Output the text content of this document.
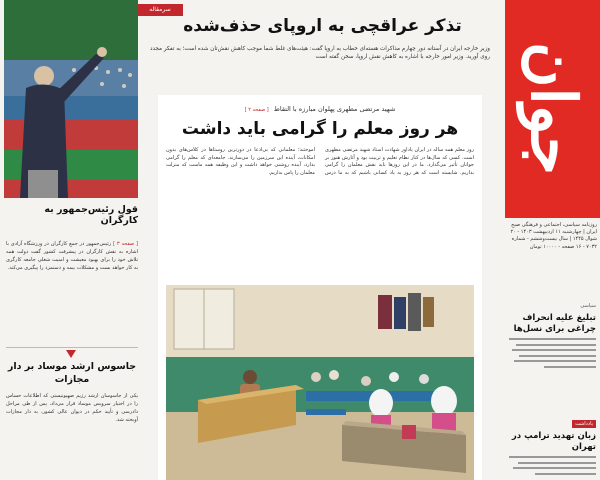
جوان
روزنامه سیاسی، اجتماعی و فرهنگی صبح ایران | چهارشنبه ۱۱ اردیبهشت ۱۴۰۳ - ۲۰ شوال ۱۴۴۵ | سال بیست‌وششم - شماره ۷۰۳۲ - ۱۶ صفحه - ۱۰۰۰۰ تومان
سیاسی
تبلیغ علیه انحراف چراغی برای نسل‌ها
یادداشت
زبان تهدید ترامپ در تهران
سرمقاله
تذکر عراقچی به اروپای حذف‌شده
وزیر خارجه ایران در آستانه دور چهارم مذاکرات هسته‌ای خطاب به اروپا گفت: هیئت‌های غلط شما موجب کاهش نقش‌تان شده است؛ به تفکر مجدد روی آورید. وزیر امور خارجه با اشاره به کاهش نقش اروپا، سخن گفته است
شهید مرتضی مطهری پهلوان مبارزه با التقاط [ صفحه ۲ ]
هر روز معلم را گرامی باید داشت
روز معلم همه ساله در ایران یادآور شهادت استاد شهید مرتضی مطهری است. کسی که سال‌ها در کنار نظام تعلیم و تربیت بود و آثارش هنوز بر جوانان تأثیر می‌گذارد. ما در این روزها باید نقش معلمان را گرامی بداریم. شایسته است که هر روز به یاد کسانی باشیم که به ما درس آموختند؛ معلمانی که بی‌ادعا در دورترین روستاها در کلاس‌های بدون امکانات، آینده این سرزمین را می‌سازند. جامعه‌ای که معلم را گرامی بدارد، آینده روشنی خواهد داشت و این وظیفه همه ماست که منزلت معلمان را پاس بداریم.
قول رئیس‌جمهور به کارگران
[ صفحه ۳ ] رئیس‌جمهور در جمع کارگران در ورزشگاه آزادی با اشاره به نقش کارگران در پیشرفت کشور گفت دولت همه تلاش خود را برای بهبود معیشت و امنیت شغلی جامعه کارگری به کار خواهد بست و مشکلات بیمه و دستمزد را پیگیری می‌کند.
جاسوس ارشد موساد بر دار مجازات
یکی از جاسوسان ارشد رژیم صهیونیستی که اطلاعات حساس را در اختیار سرویس موساد قرار می‌داد، پس از طی مراحل دادرسی و تأیید حکم در دیوان عالی کشور، به دار مجازات آویخته شد.
